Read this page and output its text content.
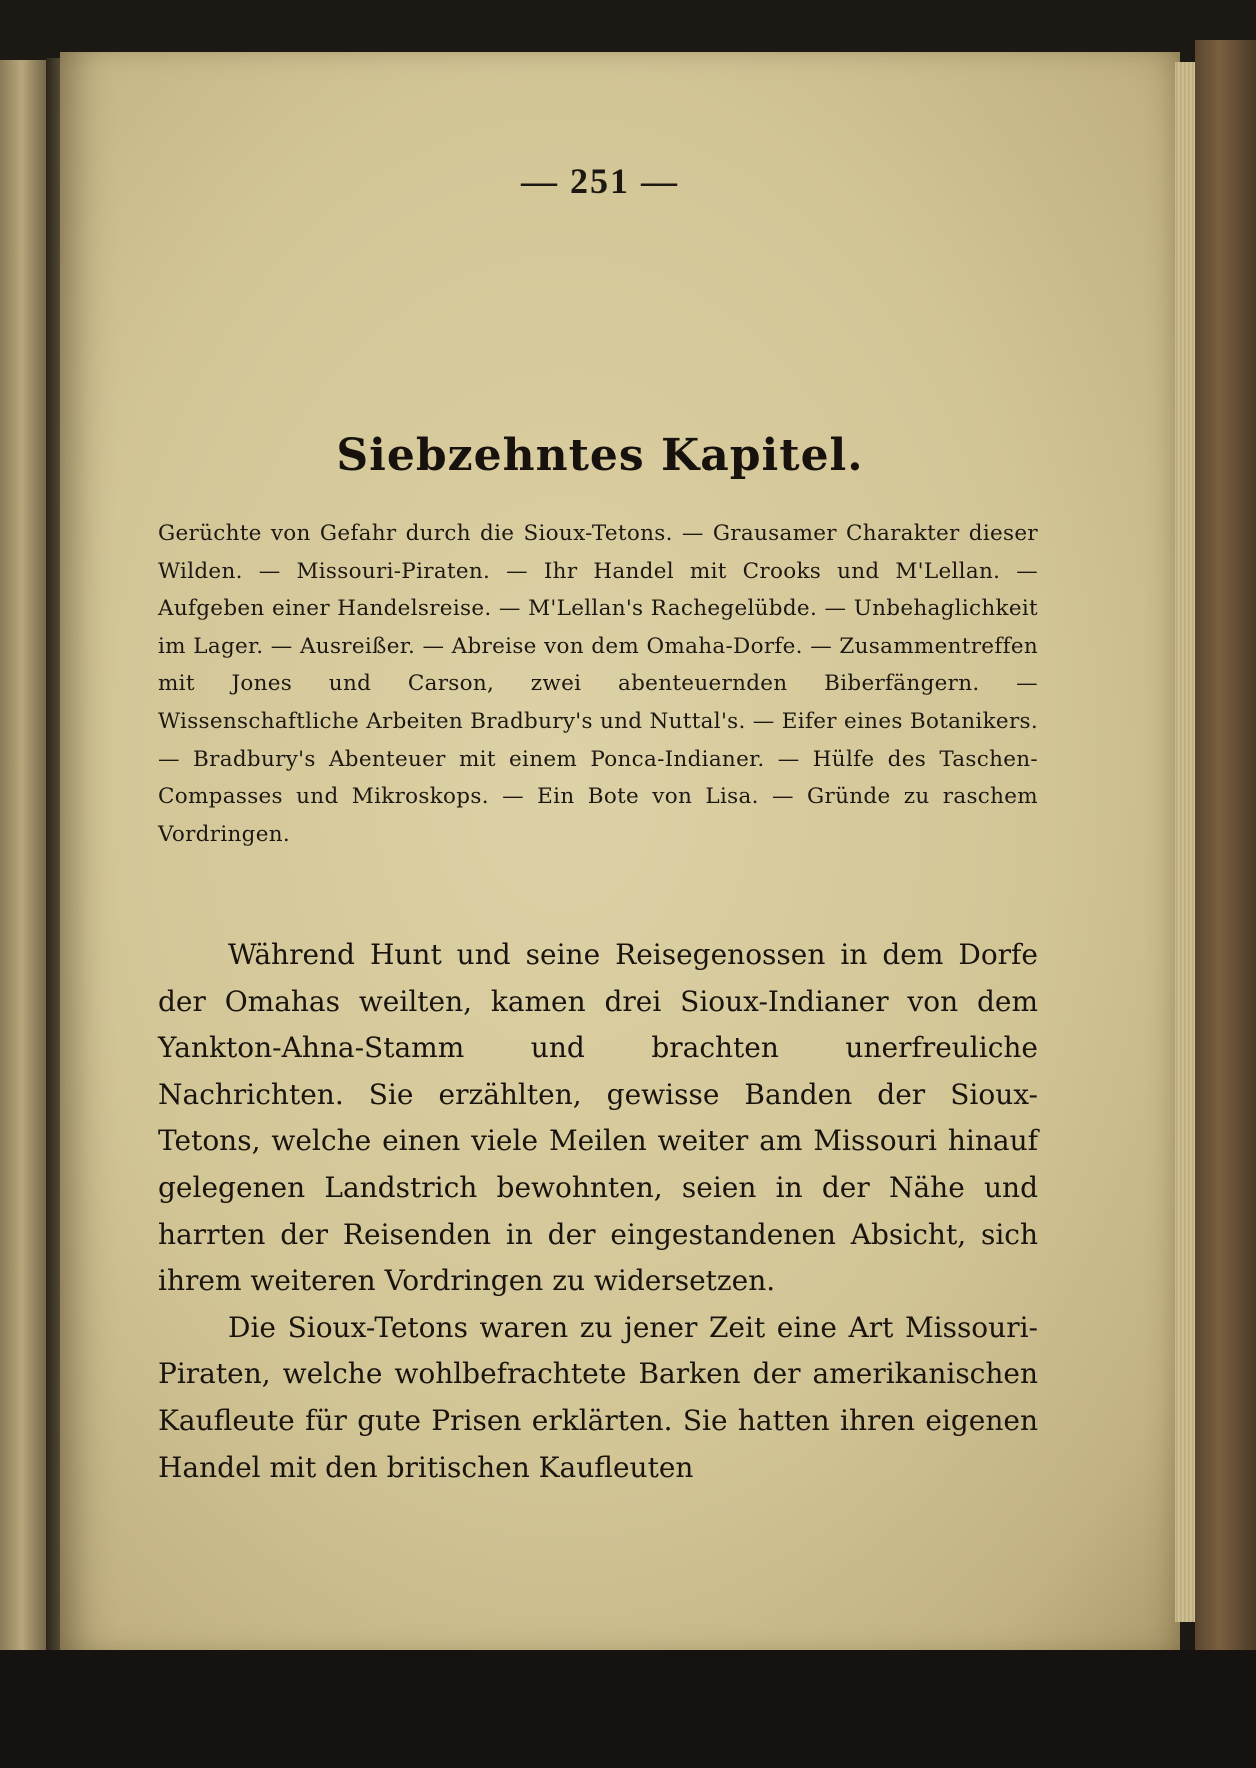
— 251 —
Siebzehntes Kapitel.
Gerüchte von Gefahr durch die Sioux-Tetons. — Grausamer Charakter dieser Wilden. — Missouri-Piraten. — Ihr Handel mit Crooks und M'Lellan. — Aufgeben einer Handelsreise. — M'Lellan's Rachegelübde. — Unbehaglichkeit im Lager. — Ausreißer. — Abreise von dem Omaha-Dorfe. — Zusammentreffen mit Jones und Carson, zwei abenteuernden Biberfängern. — Wissenschaftliche Arbeiten Bradbury's und Nuttal's. — Eifer eines Botanikers. — Bradbury's Abenteuer mit einem Ponca-Indianer. — Hülfe des Taschen-Compasses und Mikroskops. — Ein Bote von Lisa. — Gründe zu raschem Vordringen.

Während Hunt und seine Reisegenossen in dem Dorfe der Omahas weilten, kamen drei Sioux-Indianer von dem Yankton-Ahna-Stamm und brachten unerfreuliche Nachrichten. Sie erzählten, gewisse Banden der Sioux-Tetons, welche einen viele Meilen weiter am Missouri hinauf gelegenen Landstrich bewohnten, seien in der Nähe und harrten der Reisenden in der eingestandenen Absicht, sich ihrem weiteren Vordringen zu widersetzen.

Die Sioux-Tetons waren zu jener Zeit eine Art Missouri-Piraten, welche wohlbefrachtete Barken der amerikanischen Kaufleute für gute Prisen erklärten. Sie hatten ihren eigenen Handel mit den britischen Kaufleuten
